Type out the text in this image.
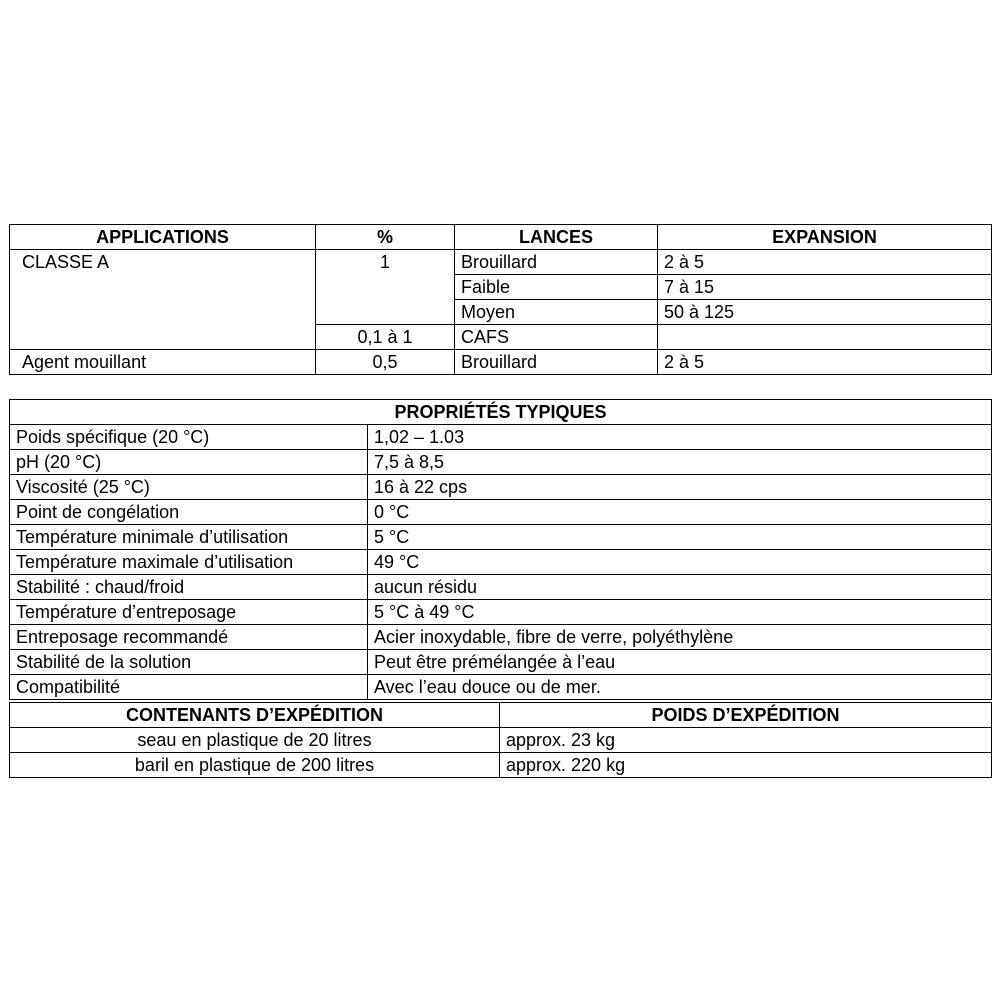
APPLICATIONS	%	LANCES	EXPANSION
CLASSE A	1	Brouillard	2 à 5
		Faible	7 à 15
		Moyen	50 à 125
	0,1 à 1	CAFS	
Agent mouillant	0,5	Brouillard	2 à 5
PROPRIÉTÉS TYPIQUES	
Poids spécifique (20 °C)	1,02 – 1.03
pH (20 °C)	7,5 à 8,5
Viscosité (25 °C)	16 à 22 cps
Point de congélation	0 °C
Température minimale d’utilisation	5 °C
Température maximale d’utilisation	49 °C
Stabilité : chaud/froid	aucun résidu
Température d’entreposage	5 °C à 49 °C
Entreposage recommandé	Acier inoxydable, fibre de verre, polyéthylène
Stabilité de la solution	Peut être prémélangée à l’eau
Compatibilité	Avec l’eau douce ou de mer.
CONTENANTS D’EXPÉDITION	POIDS D’EXPÉDITION
seau en plastique de 20 litres	approx. 23 kg
baril en plastique de 200 litres	approx. 220 kg
